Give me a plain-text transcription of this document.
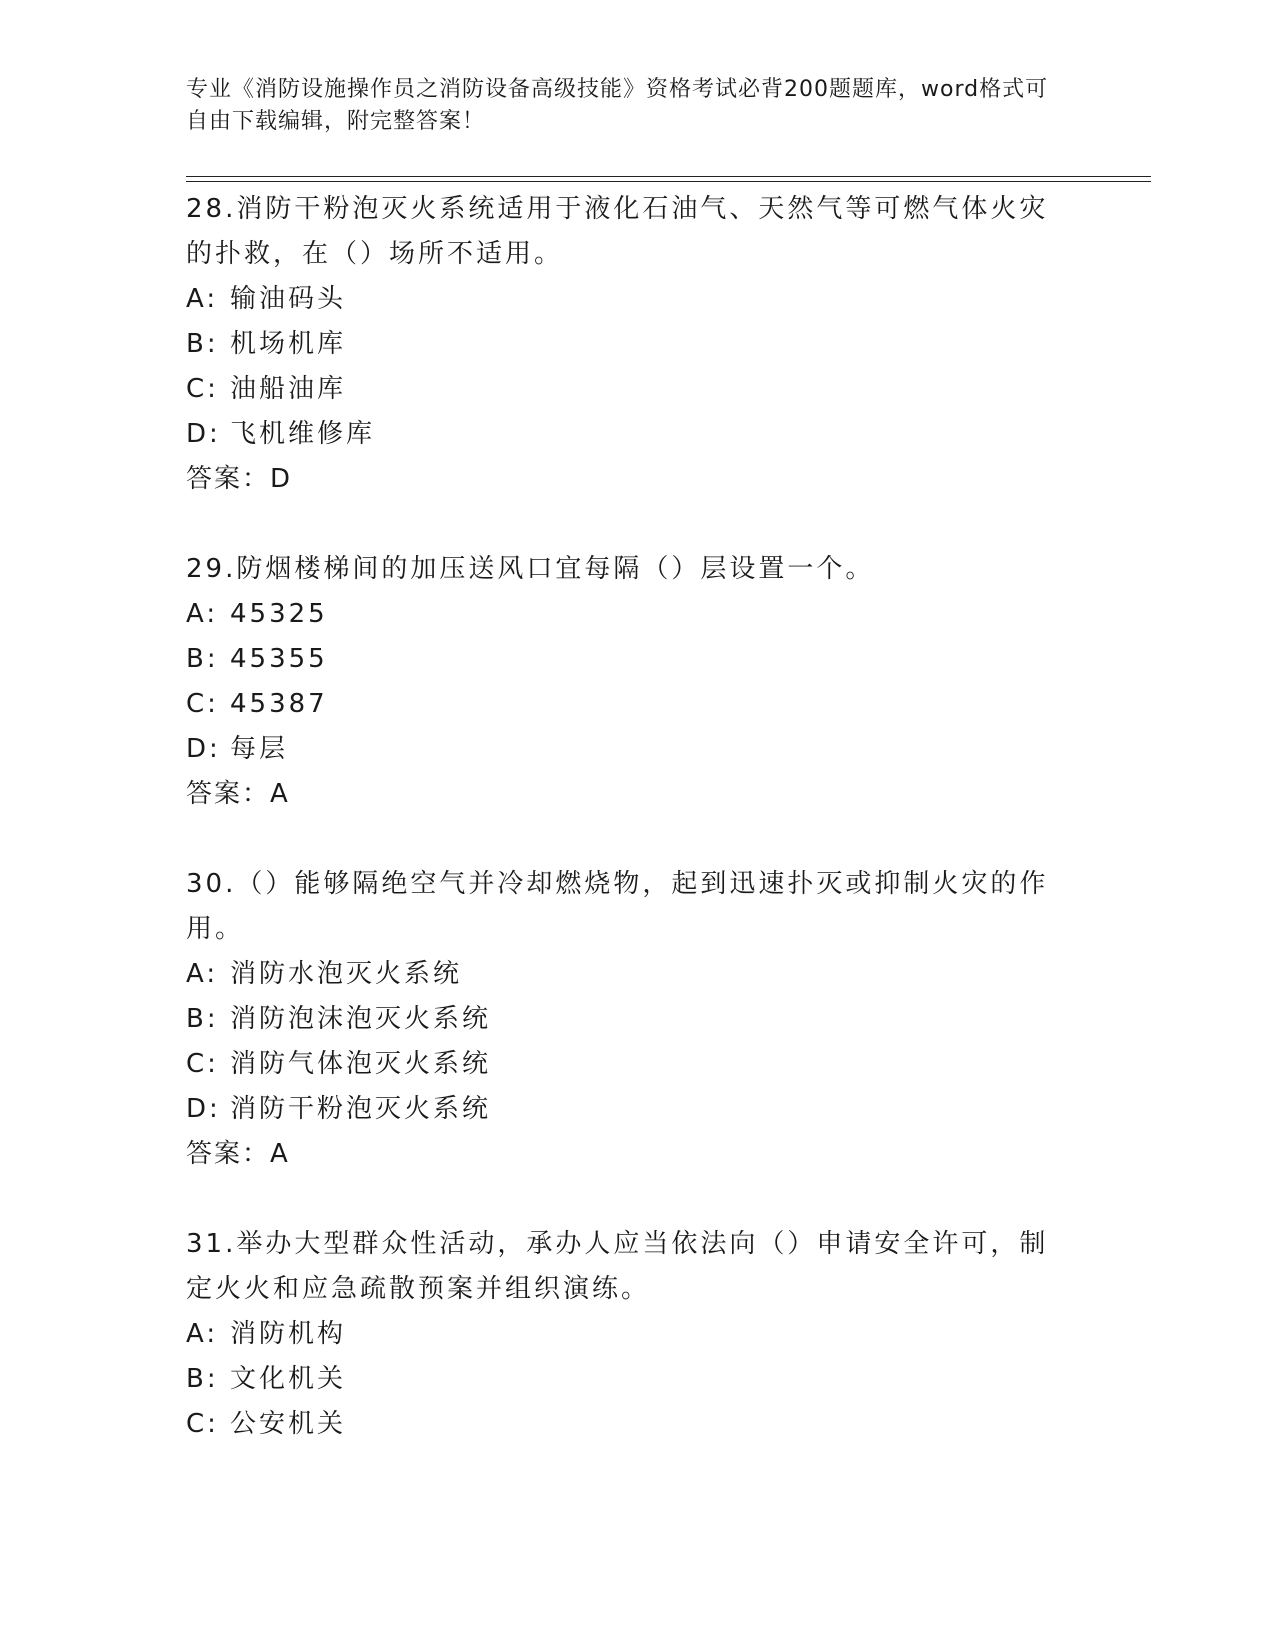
专业《消防设施操作员之消防设备高级技能》资格考试必背200题题库，word格式可自由下载编辑，附完整答案！

28.消防干粉泡灭火系统适用于液化石油气、天然气等可燃气体火灾的扑救，在（）场所不适用。

A: 输油码头

B: 机场机库

C: 油船油库

D: 飞机维修库

答案：D

29.防烟楼梯间的加压送风口宜每隔（）层设置一个。

A: 45325

B: 45355

C: 45387

D: 每层

答案：A

30.（）能够隔绝空气并冷却燃烧物，起到迅速扑灭或抑制火灾的作用。

A: 消防水泡灭火系统

B: 消防泡沫泡灭火系统

C: 消防气体泡灭火系统

D: 消防干粉泡灭火系统

答案：A

31.举办大型群众性活动，承办人应当依法向（）申请安全许可，制定火火和应急疏散预案并组织演练。

A: 消防机构

B: 文化机关

C: 公安机关
